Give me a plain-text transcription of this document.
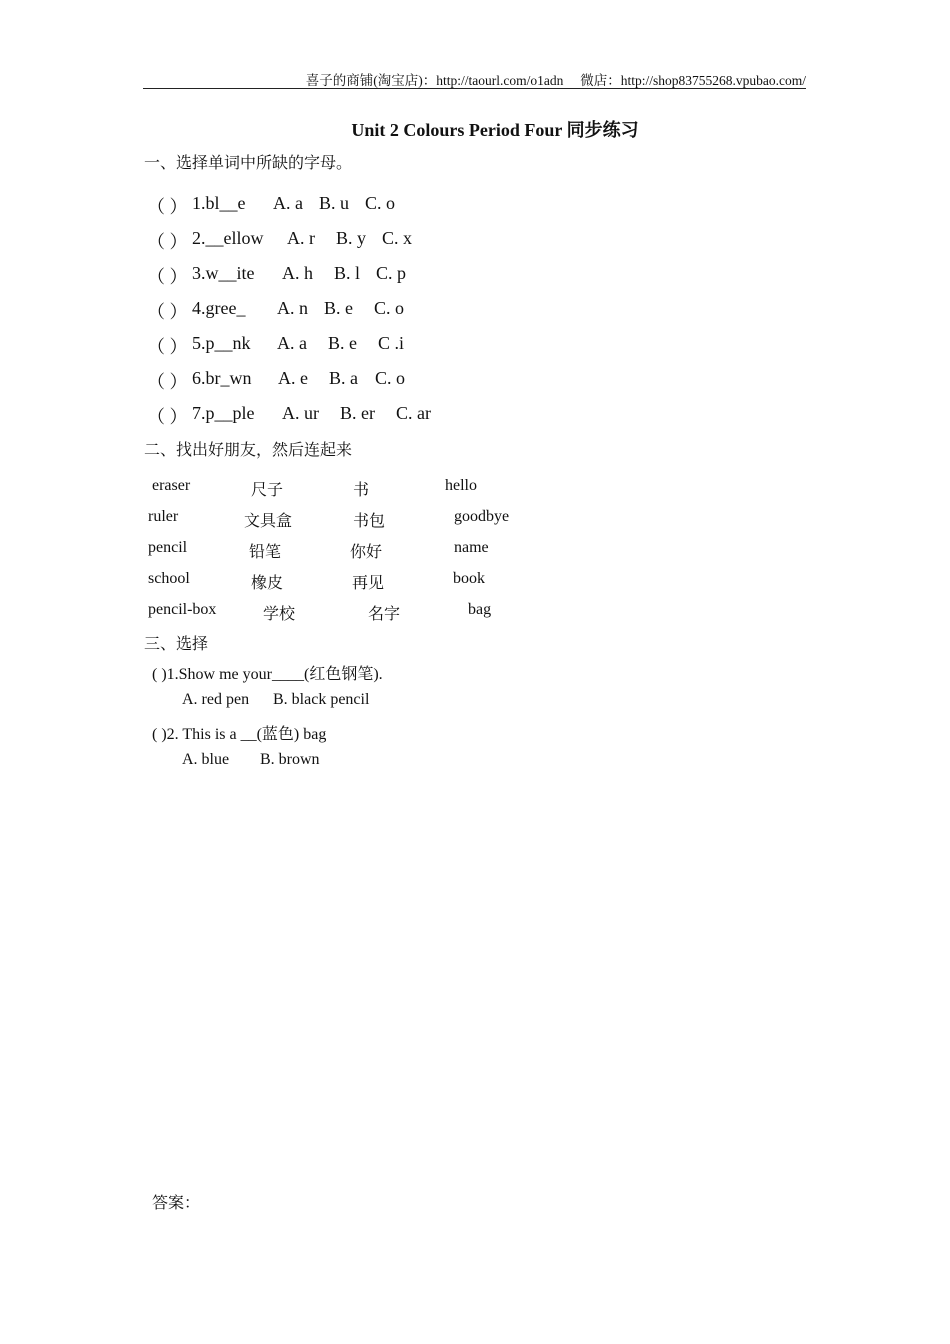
喜子的商铺(淘宝店)：http://taourl.com/o1adn 微店：http://shop83755268.vpubao.com/
Unit 2 Colours Period Four 同步练习
一、选择单词中所缺的字母。
（ ） 1.bl__e A. a B. u C. o
（ ） 2.__ellow A. r B. y C. x
（ ） 3.w__ite A. h B. l C. p
（ ） 4.gree_ A. n B. e C. o
（ ） 5.p__nk A. a B. e C .i
（ ） 6.br_wn A. e B. a C. o
（ ） 7.p__ple A. ur B. er C. ar
二、找出好朋友，然后连起来
eraser	尺子	书	hello
ruler	文具盒	书包	goodbye
pencil	铅笔	你好	name
school	橡皮	再见	book
pencil-box	学校	名字	bag
三、选择
( )1.Show me your____(红色钢笔).
A. red pen B. black pencil
( )2. This is a __(蓝色) bag
A. blue B. brown
答案：
